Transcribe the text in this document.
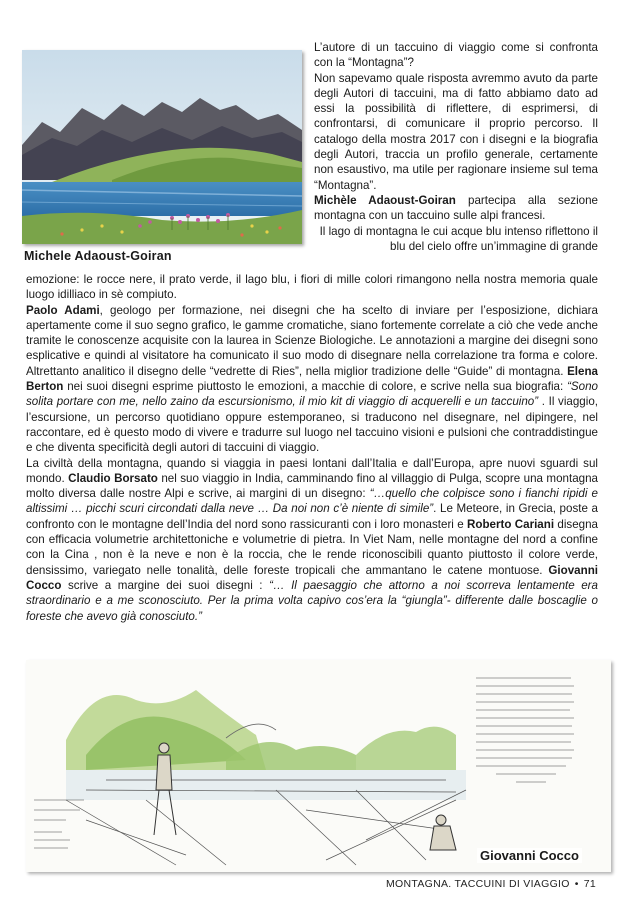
Michele Adaoust-Goiran

L’autore di un taccuino di viaggio come si confronta con la “Montagna”?

Non sapevamo quale risposta avremmo avuto da parte degli Autori di taccuini, ma di fatto abbiamo dato ad essi la possibilità di riflettere, di esprimersi, di confrontarsi, di comunicare il proprio percorso. Il catalogo della mostra 2017 con i disegni e la biografia degli Autori, traccia un profilo generale, certamente non esaustivo, ma utile per ragionare insieme sul tema “Montagna”.

Michèle Adaoust-Goiran partecipa alla sezione montagna con un taccuino sulle alpi francesi.

Il lago di montagna le cui acque blu intenso riflettono il blu del cielo offre un’immagine di grande

emozione: le rocce nere, il prato verde, il lago blu, i fiori di mille colori rimangono nella nostra memoria quale luogo idilliaco in sè compiuto.

Paolo Adami, geologo per formazione, nei disegni che ha scelto di inviare per l’esposizione, dichiara apertamente come il suo segno grafico, le gamme cromatiche, siano fortemente correlate a ciò che vede anche tramite le conoscenze acquisite con la laurea in Scienze Biologiche. Le annotazioni a margine dei disegni sono esplicative e quindi al visitatore ha comunicato il suo modo di disegnare nella correlazione tra forma e colore. Altrettanto analitico il disegno delle “vedrette di Ries”, nella miglior tradizione delle “Guide” di montagna. Elena Berton nei suoi disegni esprime piuttosto le emozioni, a macchie di colore, e scrive nella sua biografia: “Sono solita portare con me, nello zaino da escursionismo, il mio kit di viaggio di acquerelli e un taccuino” . Il viaggio, l’escursione, un percorso quotidiano oppure estemporaneo, si traducono nel disegnare, nel dipingere, nel raccontare, ed è questo modo di vivere e tradurre sul luogo nel taccuino visioni e pulsioni che contraddistingue e che diventa specificità degli autori di taccuini di viaggio.

La civiltà della montagna, quando si viaggia in paesi lontani dall’Italia e dall’Europa, apre nuovi sguardi sul mondo. Claudio Borsato nel suo viaggio in India, camminando fino al villaggio di Pulga, scopre una montagna molto diversa dalle nostre Alpi e scrive, ai margini di un disegno: “…quello che colpisce sono i fianchi ripidi e altissimi … picchi scuri circondati dalla neve … Da noi non c’è niente di simile”. Le Meteore, in Grecia, poste a confronto con le montagne dell’India del nord sono rassicuranti con i loro monasteri e Roberto Cariani disegna con efficacia volumetrie architettoniche e volumetrie di pietra. In Viet Nam, nelle montagne del nord a confine con la Cina , non è la neve e non è la roccia, che le rende riconoscibili quanto piuttosto il colore verde, densissimo, variegato nelle tonalità, delle foreste tropicali che ammantano le catene montuose. Giovanni Cocco scrive a margine dei suoi disegni : “… Il paesaggio che attorno a noi scorreva lentamente era straordinario e a me sconosciuto. Per la prima volta capivo cos’era la “giungla”- differente dalle boscaglie o foreste che avevo già conosciuto.”

Giovanni Cocco
MONTAGNA. TACCUINI DI VIAGGIO • 71
